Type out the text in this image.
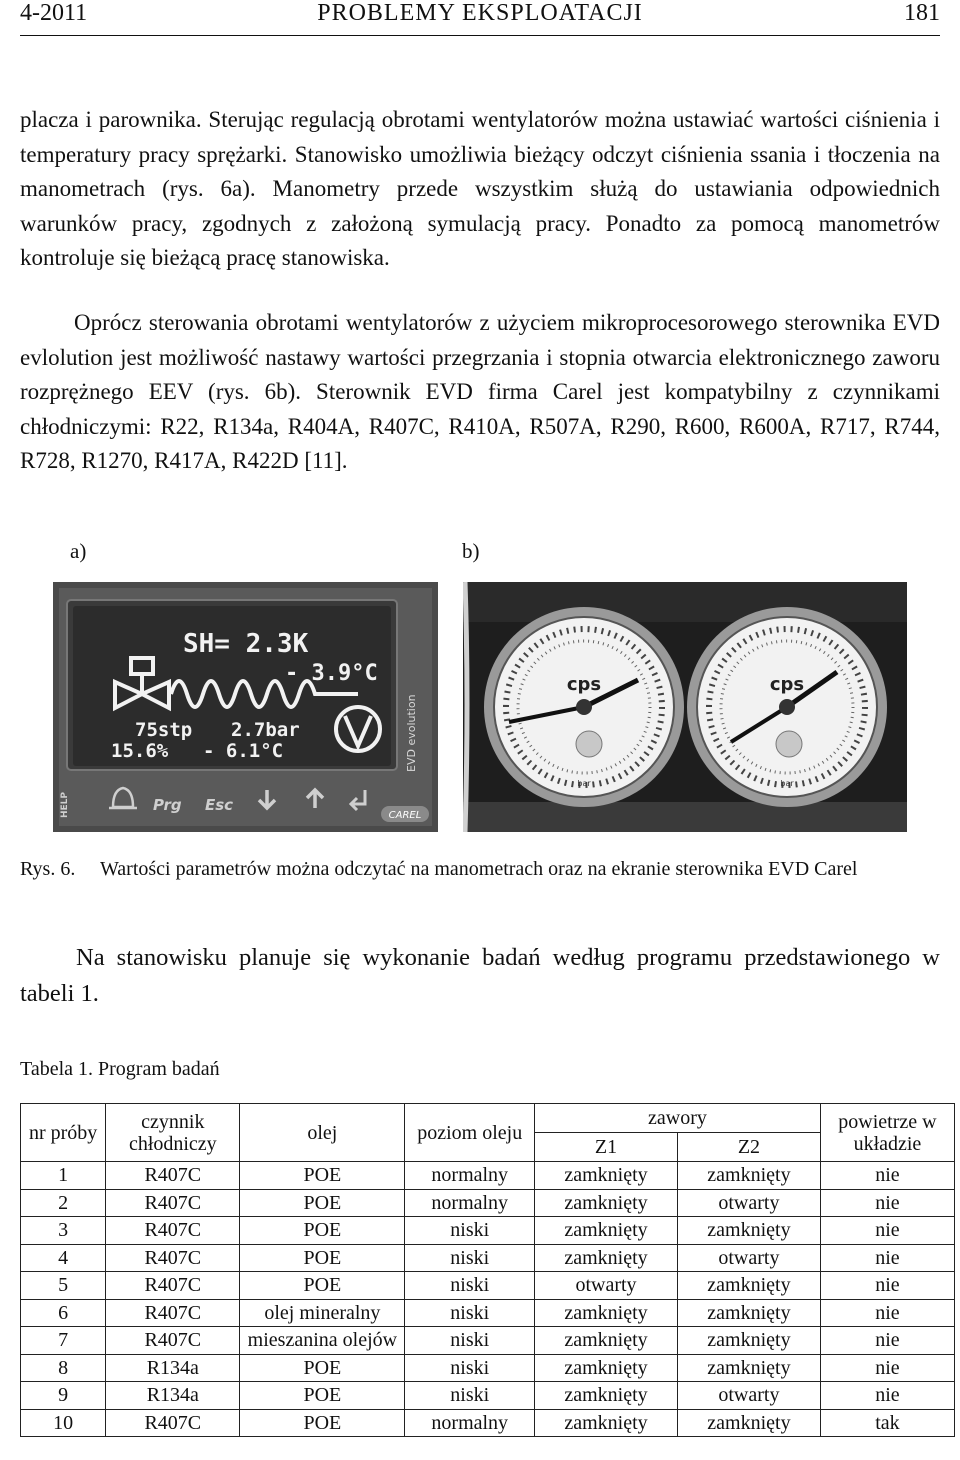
PROBLEMY EKSPLOATACJI
4-2011	181

placza i parownika. Sterując regulacją obrotami wentylatorów można ustawiać wartości ciśnienia i temperatury pracy sprężarki. Stanowisko umożliwia bieżący odczyt ciśnienia ssania i tłoczenia na manometrach (rys. 6a). Manometry przede wszystkim służą do ustawiania odpowiednich warunków pracy, zgodnych z założoną symulacją pracy. Ponadto za pomocą manometrów kontroluje się bieżącą pracę stanowiska.

Oprócz sterowania obrotami wentylatorów z użyciem mikroprocesorowego sterownika EVD evlolution jest możliwość nastawy wartości przegrzania i stopnia otwarcia elektronicznego zaworu rozprężnego EEV (rys. 6b). Sterownik EVD firma Carel jest kompatybilny z czynnikami chłodniczymi: R22, R134a, R404A, R407C, R410A, R507A, R290, R600, R600A, R717, R744, R728, R1270, R417A, R422D [11].

a)	b)
SH= 2.3K
- 3.9°C
75stp 2.7bar
15.6% - 6.1°C	EVD evolution
HELP	Prg Esc
CAREL
cps
bar
cps
bar
Rys. 6. Wartości parametrów można odczytać na manometrach oraz na ekranie sterownika EVD Carel

Na stanowisku planuje się wykonanie badań według programu przedstawionego w tabeli 1.

Tabela 1. Program badań
nr próby	czynnik chłodniczy	olej	poziom oleju	zawory		powietrze w układzie
				Z1	Z2	
1	R407C	POE	normalny	zamknięty	zamknięty	nie
2	R407C	POE	normalny	zamknięty	otwarty	nie
3	R407C	POE	niski	zamknięty	zamknięty	nie
4	R407C	POE	niski	zamknięty	otwarty	nie
5	R407C	POE	niski	otwarty	zamknięty	nie
6	R407C	olej mineralny	niski	zamknięty	zamknięty	nie
7	R407C	mieszanina olejów	niski	zamknięty	zamknięty	nie
8	R134a	POE	niski	zamknięty	zamknięty	nie
9	R134a	POE	niski	zamknięty	otwarty	nie
10	R407C	POE	normalny	zamknięty	zamknięty	tak
